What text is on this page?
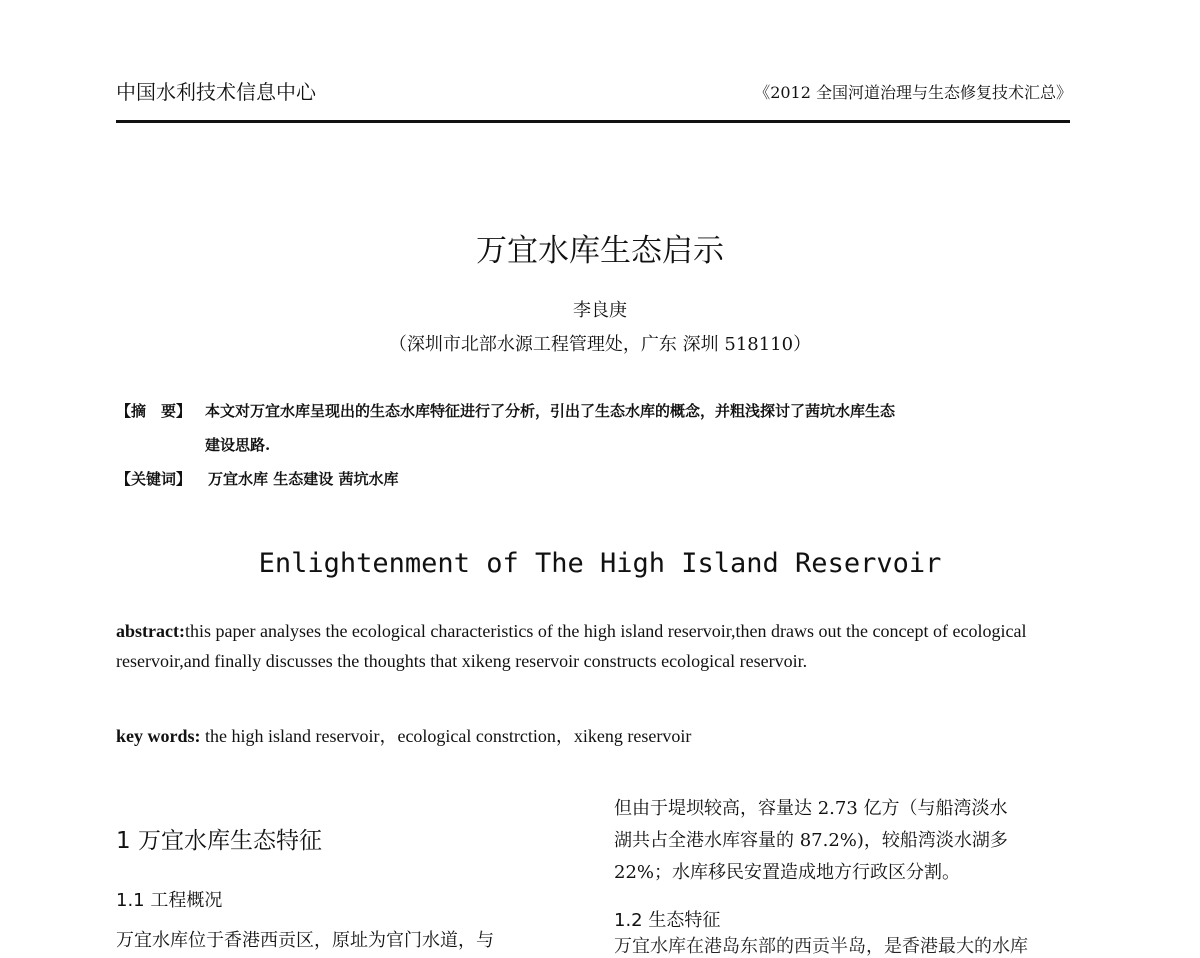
中国水利技术信息中心	《2012 全国河道治理与生态修复技术汇总》
万宜水库生态启示
李良庚
（深圳市北部水源工程管理处，广东 深圳 518110）
【摘　要】 本文对万宜水库呈现出的生态水库特征进行了分析，引出了生态水库的概念，并粗浅探讨了茜坑水库生态
建设思路.
【关键词】 万宜水库 生态建设 茜坑水库
Enlightenment of The High Island Reservoir
abstract:this paper analyses the ecological characteristics of the high island reservoir,then draws out the concept of ecological reservoir,and finally discusses the thoughts that xikeng reservoir constructs ecological reservoir.
key words: the high island reservoir，ecological constrction，xikeng reservoir
1 万宜水库生态特征
1.1 工程概况
万宜水库位于香港西贡区，原址为官门水道，与
但由于堤坝较高，容量达 2.73 亿方（与船湾淡水
湖共占全港水库容量的 87.2%)，较船湾淡水湖多
22%；水库移民安置造成地方行政区分割。
1.2 生态特征
万宜水库在港岛东部的西贡半岛，是香港最大的水库
